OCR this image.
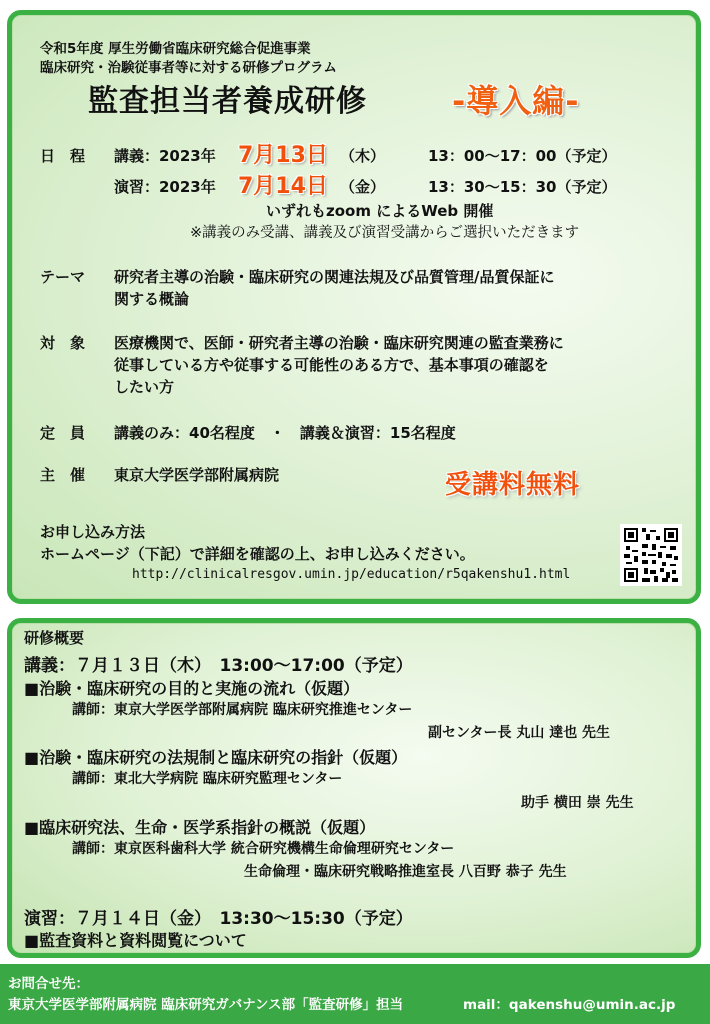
令和5年度 厚生労働省臨床研究総合促進事業
臨床研究・治験従事者等に対する研修プログラム
監査担当者養成研修	-導入編-
日　程 講義：2023年 7月13日 （木）	13：00～17：00（予定）
演習：2023年 7月14日 （金）	13：30～15：30（予定）
いずれもzoom によるWeb 開催
※講義のみ受講、講義及び演習受講からご選択いただきます
テーマ 研究者主導の治験・臨床研究の関連法規及び品質管理/品質保証に
関する概論
対　象 医療機関で、医師・研究者主導の治験・臨床研究関連の監査業務に
従事している方や従事する可能性のある方で、基本事項の確認を
したい方
定　員 講義のみ：40名程度　・　講義＆演習：15名程度
主　催 東京大学医学部附属病院	受講料無料
お申し込み方法
ホームページ（下記）で詳細を確認の上、お申し込みください。
http://clinicalresgov.umin.jp/education/r5qakenshu1.html
研修概要
講義：７月１３日（木）　13:00～17:00（予定）
■治験・臨床研究の目的と実施の流れ（仮題）
講師：東京大学医学部附属病院 臨床研究推進センター
副センター長 丸山 達也 先生
■治験・臨床研究の法規制と臨床研究の指針（仮題）
講師：東北大学病院 臨床研究監理センター
助手 横田 崇 先生
■臨床研究法、生命・医学系指針の概説（仮題）
講師：東京医科歯科大学 統合研究機構生命倫理研究センター
生命倫理・臨床研究戦略推進室長 八百野 恭子 先生
演習：７月１４日（金）　13:30～15:30（予定）
■監査資料と資料閲覧について
お問合せ先：
東京大学医学部附属病院 臨床研究ガバナンス部「監査研修」担当	mail：qakenshu@umin.ac.jp
